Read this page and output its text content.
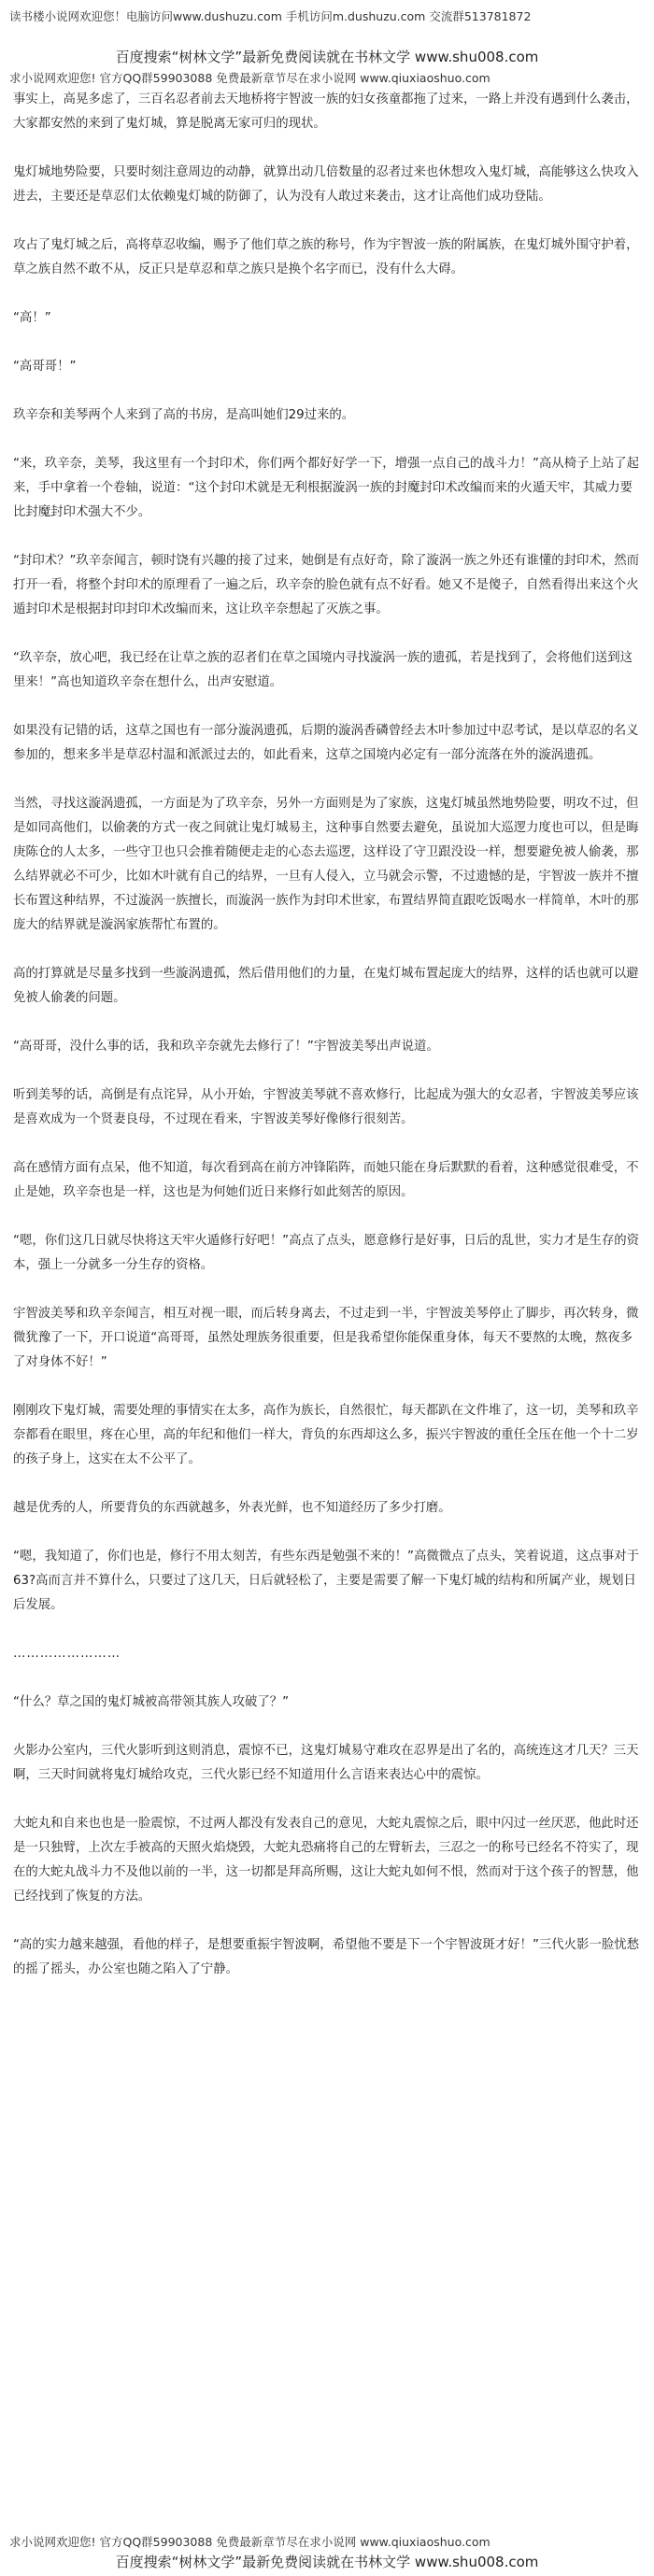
读书楼小说网欢迎您！电脑访问www.dushuzu.com 手机访问m.dushuzu.com 交流群513781872
百度搜索“树林文学”最新免费阅读就在书林文学 www.shu008.com
求小说网欢迎您! 官方QQ群59903088 免费最新章节尽在求小说网 www.qiuxiaoshuo.com

事实上，高晃多虑了，三百名忍者前去天地桥将宇智波一族的妇女孩童都拖了过来，一路上并没有遇到什么袭击，大家都安然的来到了鬼灯城，算是脱离无家可归的现状。

鬼灯城地势险要，只要时刻注意周边的动静，就算出动几倍数量的忍者过来也休想攻入鬼灯城，高能够这么快攻入进去，主要还是草忍们太依赖鬼灯城的防御了，认为没有人敢过来袭击，这才让高他们成功登陆。

攻占了鬼灯城之后，高将草忍收编，赐予了他们草之族的称号，作为宇智波一族的附属族，在鬼灯城外围守护着，草之族自然不敢不从，反正只是草忍和草之族只是换个名字而已，没有什么大碍。

“高！”

“高哥哥！”

玖辛奈和美琴两个人来到了高的书房，是高叫她们29过来的。

“来，玖辛奈，美琴，我这里有一个封印术，你们两个都好好学一下，增强一点自己的战斗力！”高从椅子上站了起来，手中拿着一个卷轴，说道：“这个封印术就是无利根据漩涡一族的封魔封印术改编而来的火遁天牢，其威力要比封魔封印术强大不少。

“封印术？”玖辛奈闻言，顿时饶有兴趣的接了过来，她倒是有点好奇，除了漩涡一族之外还有谁懂的封印术，然而打开一看，将整个封印术的原理看了一遍之后，玖辛奈的脸色就有点不好看。她又不是傻子，自然看得出来这个火遁封印术是根据封印封印术改编而来，这让玖辛奈想起了灭族之事。

“玖辛奈，放心吧，我已经在让草之族的忍者们在草之国境内寻找漩涡一族的遗孤，若是找到了，会将他们送到这里来！”高也知道玖辛奈在想什么，出声安慰道。

如果没有记错的话，这草之国也有一部分漩涡遗孤，后期的漩涡香磷曾经去木叶参加过中忍考试，是以草忍的名义参加的，想来多半是草忍村温和派派过去的，如此看来，这草之国境内必定有一部分流落在外的漩涡遗孤。

当然，寻找这漩涡遗孤，一方面是为了玖辛奈，另外一方面则是为了家族，这鬼灯城虽然地势险要，明攻不过，但是如同高他们，以偷袭的方式一夜之间就让鬼灯城易主，这种事自然要去避免，虽说加大巡逻力度也可以，但是晦庚陈仓的人太多，一些守卫也只会推着随便走走的心态去巡逻，这样设了守卫跟没设一样，想要避免被人偷袭，那么结界就必不可少，比如木叶就有自己的结界，一旦有人侵入，立马就会示警，不过遗憾的是，宇智波一族并不擅长布置这种结界，不过漩涡一族擅长，而漩涡一族作为封印术世家，布置结界简直跟吃饭喝水一样简单，木叶的那庞大的结界就是漩涡家族帮忙布置的。

高的打算就是尽量多找到一些漩涡遗孤，然后借用他们的力量，在鬼灯城布置起庞大的结界，这样的话也就可以避免被人偷袭的问题。

“高哥哥，没什么事的话，我和玖辛奈就先去修行了！”宇智波美琴出声说道。

听到美琴的话，高倒是有点诧异，从小开始，宇智波美琴就不喜欢修行，比起成为强大的女忍者，宇智波美琴应该是喜欢成为一个贤妻良母，不过现在看来，宇智波美琴好像修行很刻苦。

高在感情方面有点呆，他不知道，每次看到高在前方冲锋陷阵，而她只能在身后默默的看着，这种感觉很难受，不止是她，玖辛奈也是一样，这也是为何她们近日来修行如此刻苦的原因。

“嗯，你们这几日就尽快将这天牢火遁修行好吧！”高点了点头，愿意修行是好事，日后的乱世，实力才是生存的资本，强上一分就多一分生存的资格。

宇智波美琴和玖辛奈闻言，相互对视一眼，而后转身离去，不过走到一半，宇智波美琴停止了脚步，再次转身，微微犹豫了一下，开口说道“高哥哥，虽然处理族务很重要，但是我希望你能保重身体，每天不要熬的太晚，熬夜多了对身体不好！”

刚刚攻下鬼灯城，需要处理的事情实在太多，高作为族长，自然很忙，每天都趴在文件堆了，这一切，美琴和玖辛奈都看在眼里，疼在心里，高的年纪和他们一样大，背负的东西却这么多，振兴宇智波的重任全压在他一个十二岁的孩子身上，这实在太不公平了。

越是优秀的人，所要背负的东西就越多，外表光鲜，也不知道经历了多少打磨。

“嗯，我知道了，你们也是，修行不用太刻苦，有些东西是勉强不来的！”高微微点了点头，笑着说道，这点事对于63?高而言并不算什么，只要过了这几天，日后就轻松了，主要是需要了解一下鬼灯城的结构和所属产业，规划日后发展。

……………………

“什么？草之国的鬼灯城被高带领其族人攻破了？”

火影办公室内，三代火影听到这则消息，震惊不已，这鬼灯城易守难攻在忍界是出了名的，高统连这才几天？三天啊，三天时间就将鬼灯城给攻克，三代火影已经不知道用什么言语来表达心中的震惊。

大蛇丸和自来也也是一脸震惊，不过两人都没有发表自己的意见，大蛇丸震惊之后，眼中闪过一丝厌恶，他此时还是一只独臂，上次左手被高的天照火焰烧毁，大蛇丸恐痛将自己的左臂斩去，三忍之一的称号已经名不符实了，现在的大蛇丸战斗力不及他以前的一半，这一切都是拜高所赐，这让大蛇丸如何不恨，然而对于这个孩子的智慧，他已经找到了恢复的方法。

“高的实力越来越强，看他的样子，是想要重振宇智波啊，希望他不要是下一个宇智波斑才好！”三代火影一脸忧愁的摇了摇头，办公室也随之陷入了宁静。

求小说网欢迎您! 官方QQ群59903088 免费最新章节尽在求小说网 www.qiuxiaoshuo.com
百度搜索“树林文学”最新免费阅读就在书林文学 www.shu008.com
